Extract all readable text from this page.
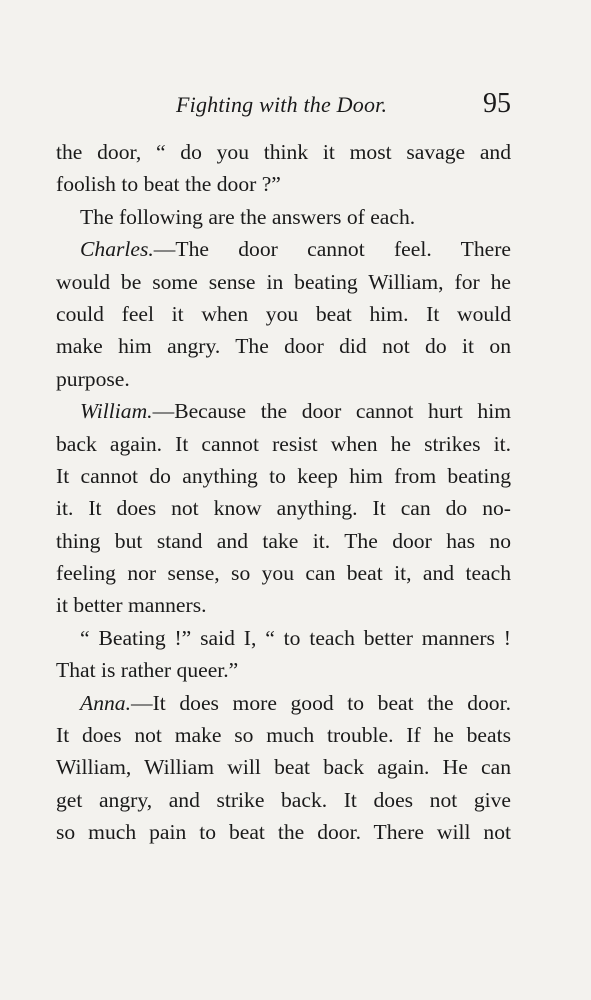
Fighting with the Door.	95
the door, “ do you think it most savage and
foolish to beat the door ?”
The following are the answers of each.
Charles.—The door cannot feel. There
would be some sense in beating William, for he
could feel it when you beat him. It would
make him angry. The door did not do it on
purpose.
William.—Because the door cannot hurt him
back again. It cannot resist when he strikes it.
It cannot do anything to keep him from beating
it. It does not know anything. It can do no-
thing but stand and take it. The door has no
feeling nor sense, so you can beat it, and teach
it better manners.
“ Beating !” said I, “ to teach better manners !
That is rather queer.”
Anna.—It does more good to beat the door.
It does not make so much trouble. If he beats
William, William will beat back again. He can
get angry, and strike back. It does not give
so much pain to beat the door. There will not
